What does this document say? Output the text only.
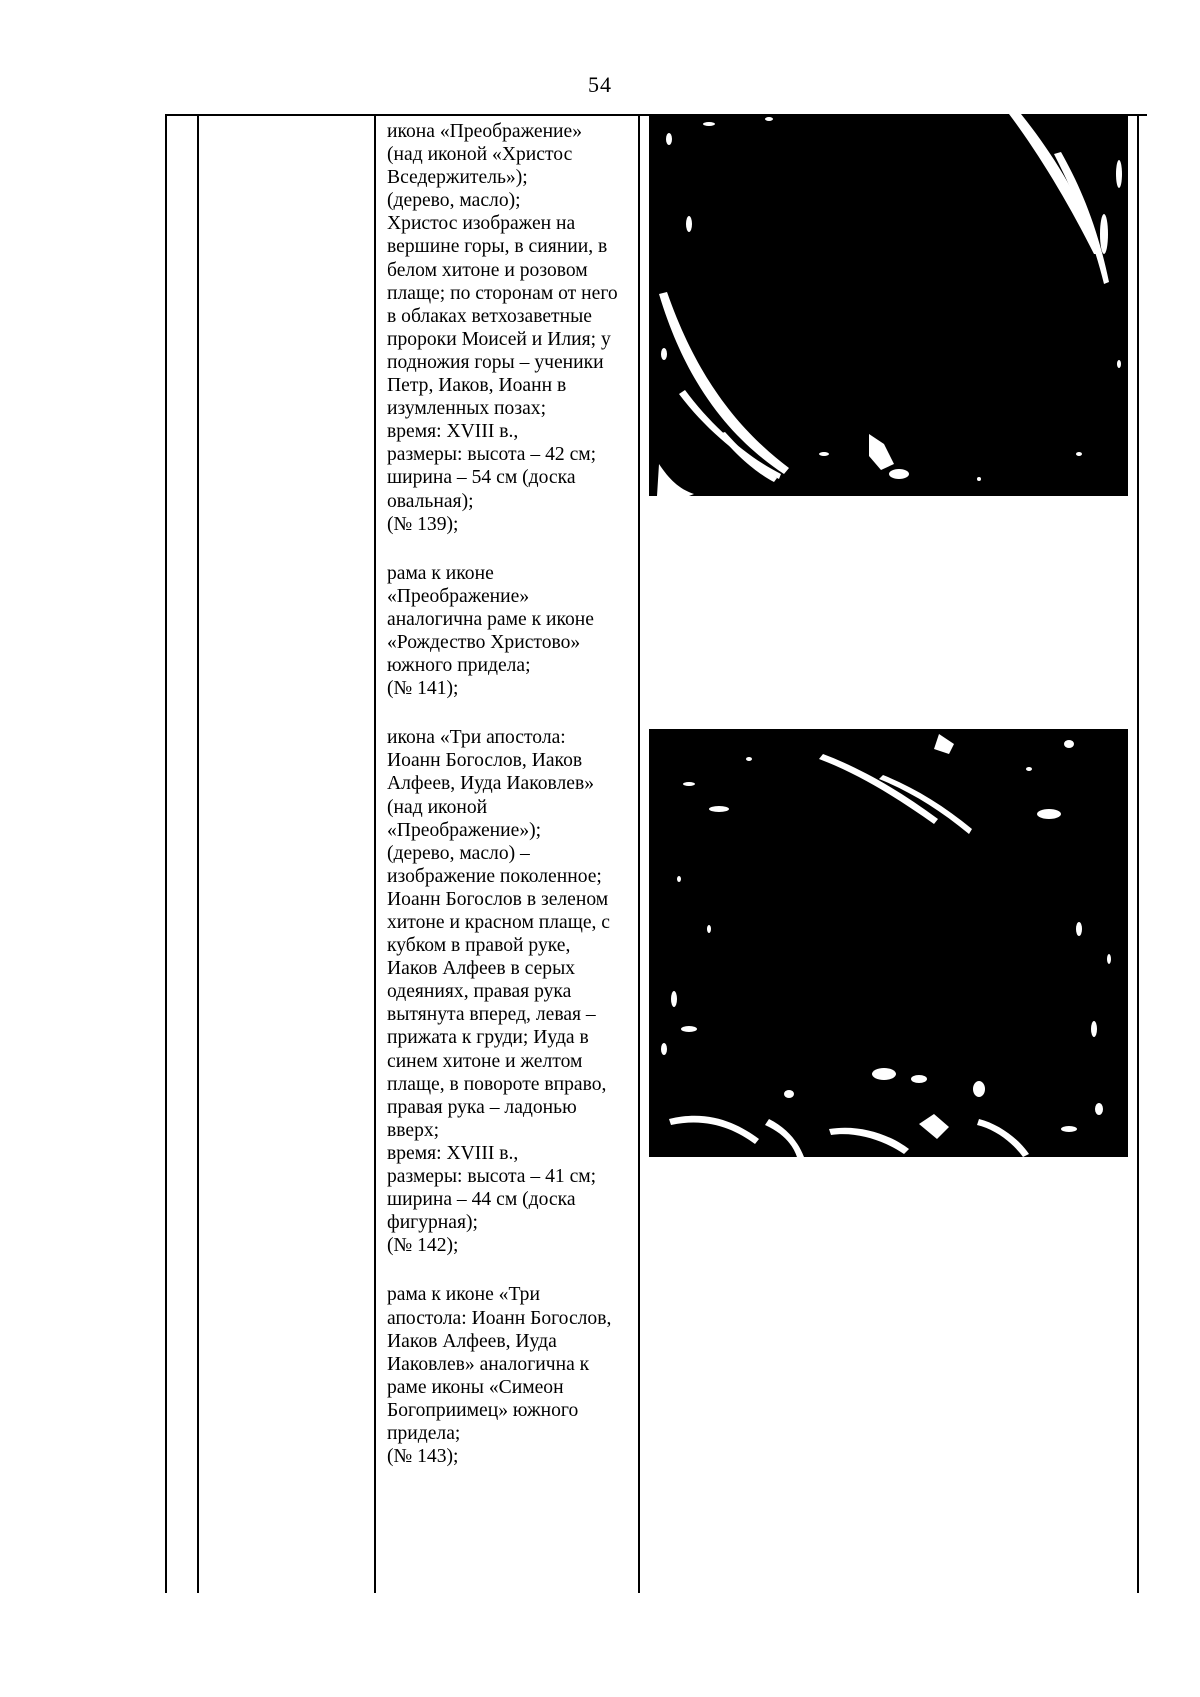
54

икона «Преображение»
(над иконой «Христос
Вседержитель»);
(дерево, масло);
Христос изображен на
вершине горы, в сиянии, в
белом хитоне и розовом
плаще; по сторонам от него
в облаках ветхозаветные
пророки Моисей и Илия; у
подножия горы – ученики
Петр, Иаков, Иоанн в
изумленных позах;
время: XVIII в.,
размеры: высота – 42 см;
ширина – 54 см (доска
овальная);
(№ 139);

рама к иконе
«Преображение»
аналогична раме к иконе
«Рождество Христово»
южного придела;
(№ 141);

икона «Три апостола:
Иоанн Богослов, Иаков
Алфеев, Иуда Иаковлев»
(над иконой
«Преображение»);
(дерево, масло) –
изображение поколенное;
Иоанн Богослов в зеленом
хитоне и красном плаще, с
кубком в правой руке,
Иаков Алфеев в серых
одеяниях, правая рука
вытянута вперед, левая –
прижата к груди; Иуда в
синем хитоне и желтом
плаще, в повороте вправо,
правая рука – ладонью
вверх;
время: XVIII в.,
размеры: высота – 41 см;
ширина – 44 см (доска
фигурная);
(№ 142);

рама к иконе «Три
апостола: Иоанн Богослов,
Иаков Алфеев, Иуда
Иаковлев» аналогична к
раме иконы «Симеон
Богоприимец» южного
придела;
(№ 143);
